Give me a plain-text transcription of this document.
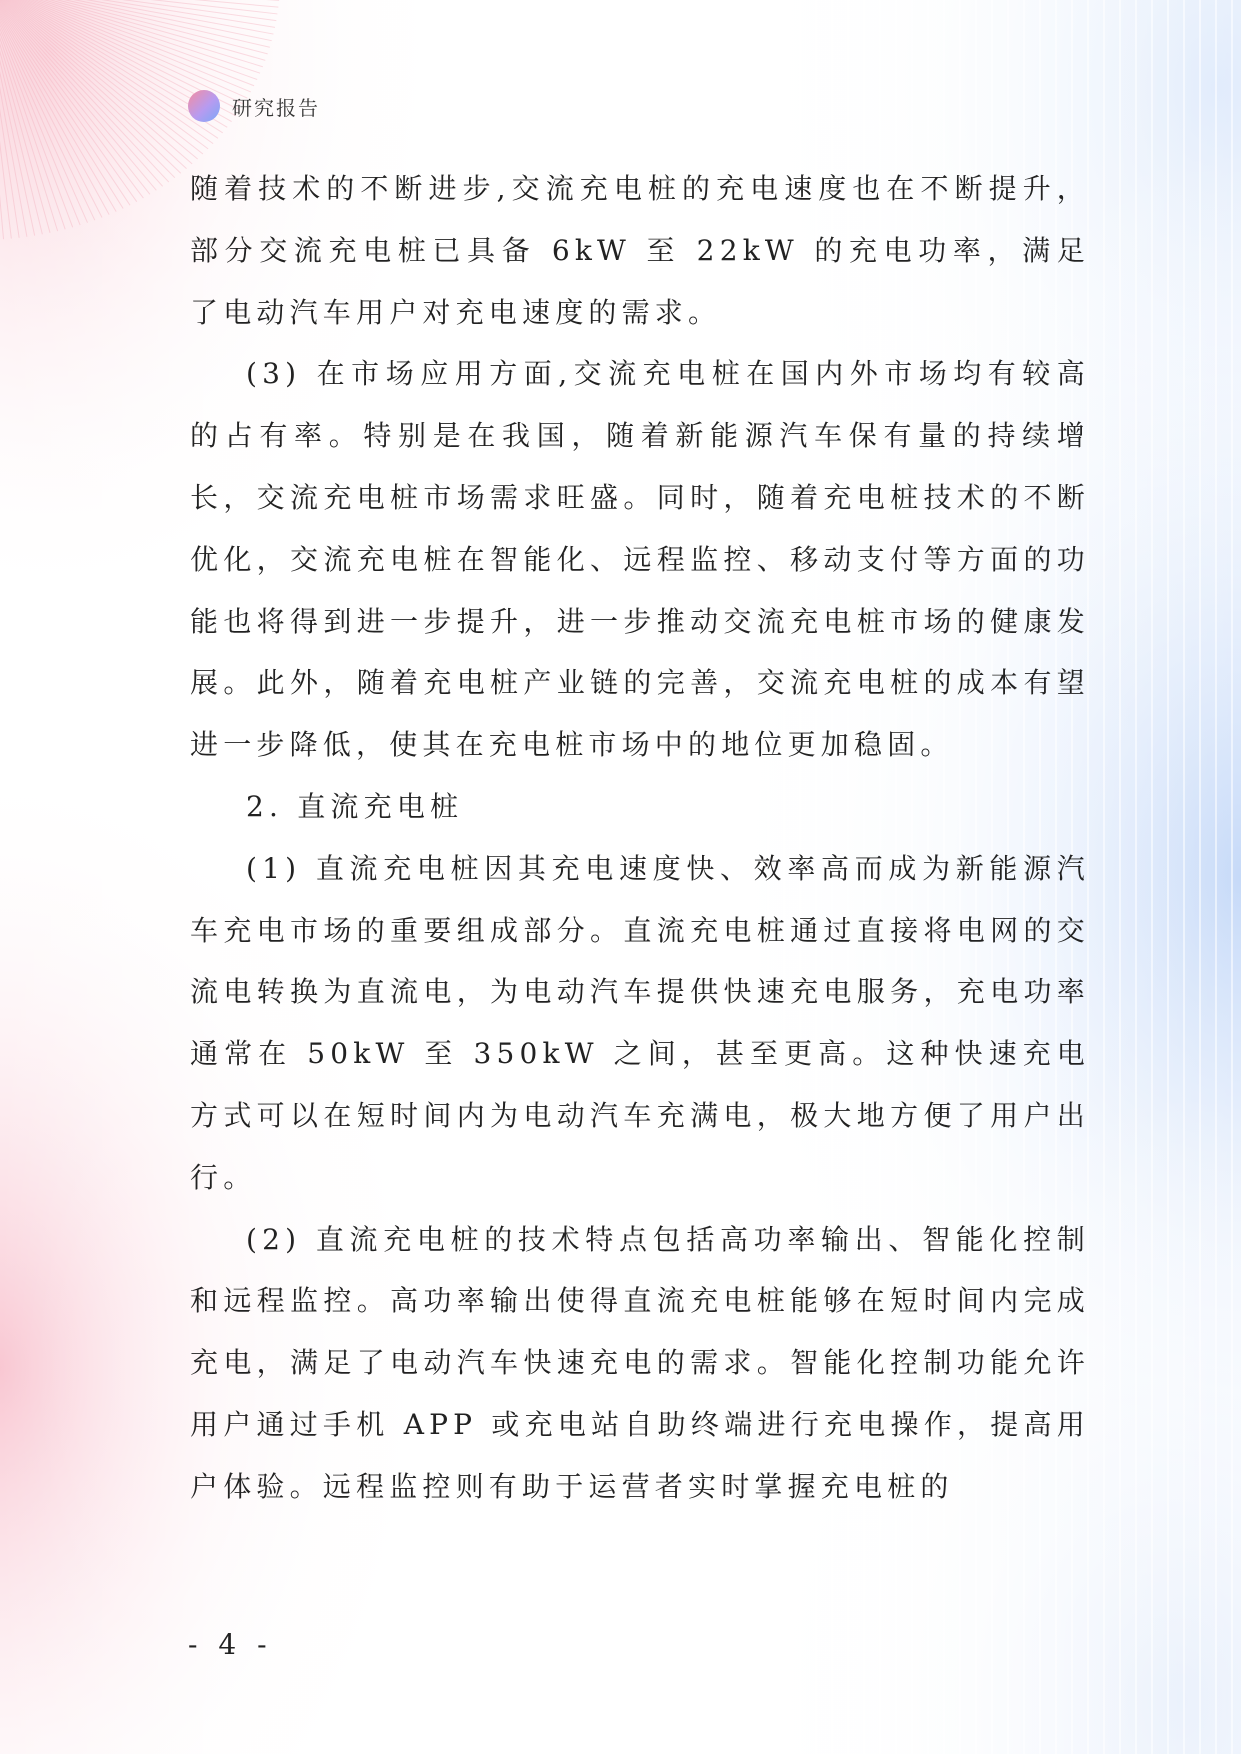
研究报告

随着技术的不断进步,交流充电桩的充电速度也在不断提升，部分交流充电桩已具备 6kW 至 22kW 的充电功率，满足了电动汽车用户对充电速度的需求。

(3) 在市场应用方面,交流充电桩在国内外市场均有较高的占有率。特别是在我国，随着新能源汽车保有量的持续增长，交流充电桩市场需求旺盛。同时，随着充电桩技术的不断优化，交流充电桩在智能化、远程监控、移动支付等方面的功能也将得到进一步提升，进一步推动交流充电桩市场的健康发展。此外，随着充电桩产业链的完善，交流充电桩的成本有望进一步降低，使其在充电桩市场中的地位更加稳固。

2. 直流充电桩

(1) 直流充电桩因其充电速度快、效率高而成为新能源汽车充电市场的重要组成部分。直流充电桩通过直接将电网的交流电转换为直流电，为电动汽车提供快速充电服务，充电功率通常在 50kW 至 350kW 之间，甚至更高。这种快速充电方式可以在短时间内为电动汽车充满电，极大地方便了用户出行。

(2) 直流充电桩的技术特点包括高功率输出、智能化控制和远程监控。高功率输出使得直流充电桩能够在短时间内完成充电，满足了电动汽车快速充电的需求。智能化控制功能允许用户通过手机 APP 或充电站自助终端进行充电操作，提高用户体验。远程监控则有助于运营者实时掌握充电桩的

- 4 -
